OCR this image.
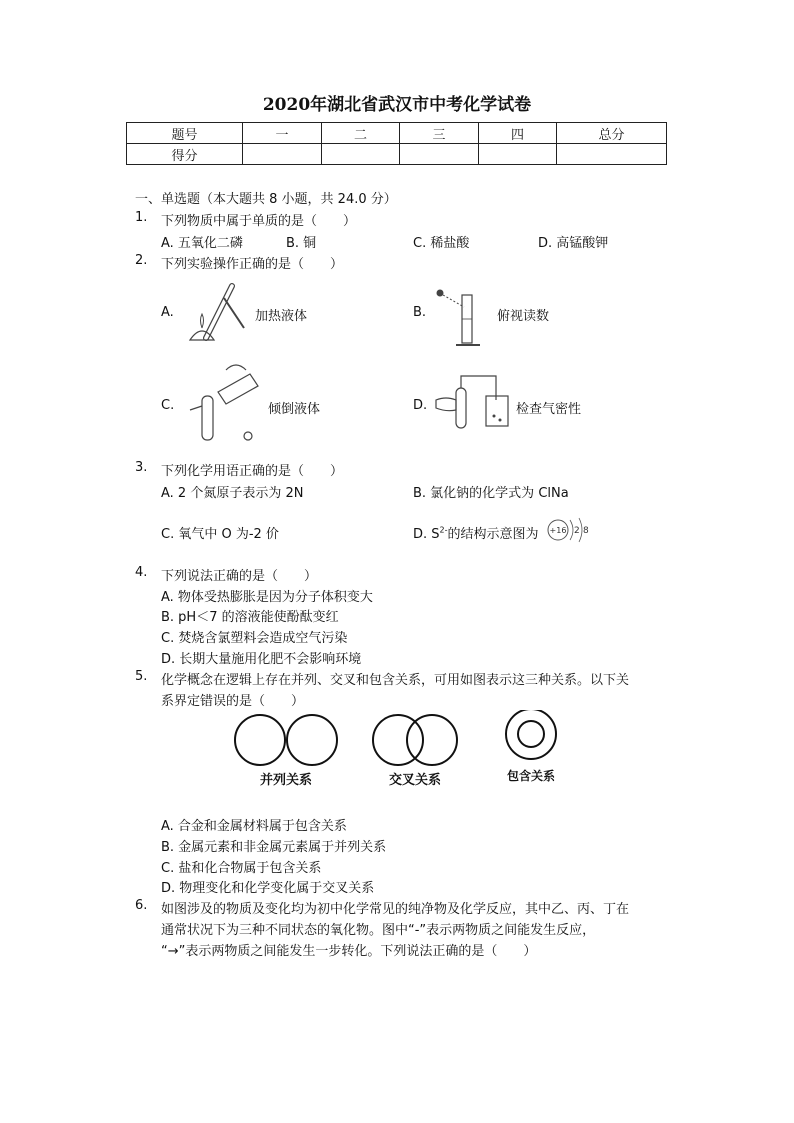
2020年湖北省武汉市中考化学试卷
题号	一	二	三	四	总分
得分					
一、单选题（本大题共 8 小题，共 24.0 分）
1. 下列物质中属于单质的是（　　）
A. 五氧化二磷	B. 铜	C. 稀盐酸	D. 高锰酸钾
2. 下列实验操作正确的是（　　）
A.	加热液体	B.	俯视读数
C.	倾倒液体	D.	检查气密性
3. 下列化学用语正确的是（　　）
A. 2 个氮原子表示为 2N	B. 氯化钠的化学式为 ClNa
C. 氧气中 O 为-2 价	D. $S^{2-}$的结构示意图为 +16 2 8
4. 下列说法正确的是（　　）
A. 物体受热膨胀是因为分子体积变大
B. pH＜7 的溶液能使酚酞变红
C. 焚烧含氯塑料会造成空气污染
D. 长期大量施用化肥不会影响环境
5. 化学概念在逻辑上存在并列、交叉和包含关系，可用如图表示这三种关系。以下关
系界定错误的是（　　）
并列关系	交叉关系	包含关系
A. 合金和金属材料属于包含关系
B. 金属元素和非金属元素属于并列关系
C. 盐和化合物属于包含关系
D. 物理变化和化学变化属于交叉关系
6. 如图涉及的物质及变化均为初中化学常见的纯净物及化学反应，其中乙、丙、丁在
通常状况下为三种不同状态的氧化物。图中“-”表示两物质之间能发生反应，
“→”表示两物质之间能发生一步转化。下列说法正确的是（　　）
